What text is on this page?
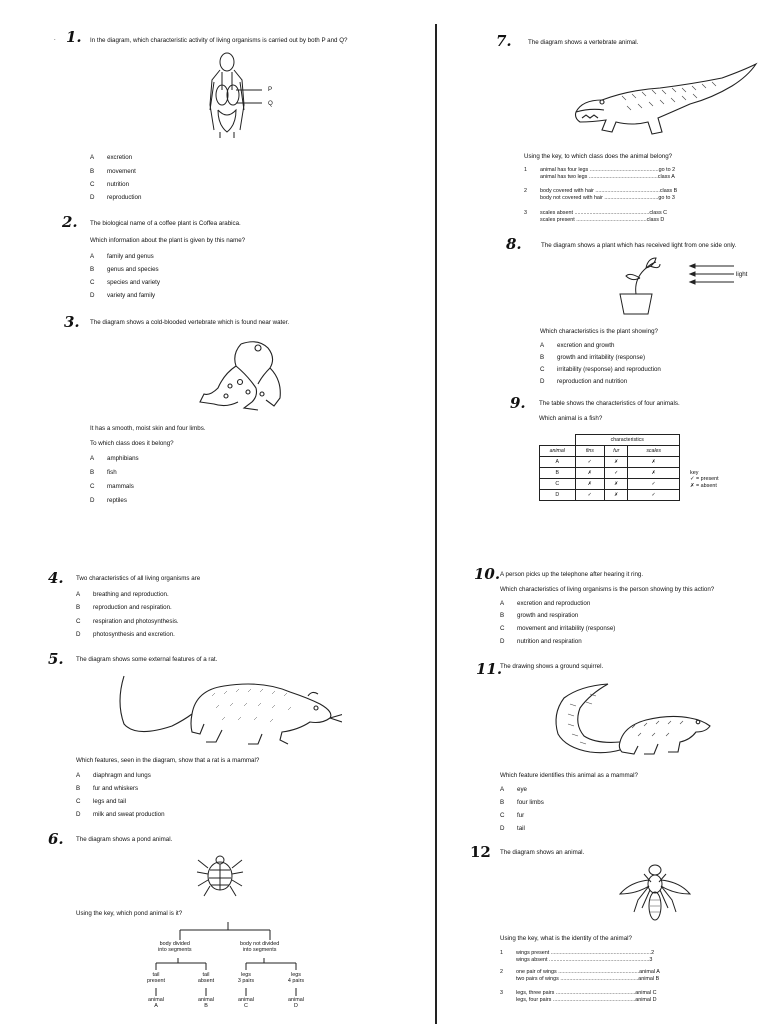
. 1. In the diagram, which characteristic activity of living organisms is carried out by both P and Q?
P
Q
A excretion
B movement
C nutrition
D reproduction
2. The biological name of a coffee plant is Coffea arabica.
Which information about the plant is given by this name?
A family and genus
B genus and species
C species and variety
D variety and family
3. The diagram shows a cold-blooded vertebrate which is found near water.
It has a smooth, moist skin and four limbs.
To which class does it belong?
A amphibians
B fish
C mammals
D reptiles
4. Two characteristics of all living organisms are
A breathing and reproduction.
B reproduction and respiration.
C respiration and photosynthesis.
D photosynthesis and excretion.
5. The diagram shows some external features of a rat.
Which features, seen in the diagram, show that a rat is a mammal?
A diaphragm and lungs
B fur and whiskers
C legs and tail
D milk and sweat production
6. The diagram shows a pond animal.
Using the key, which pond animal is it?
body divided
into segments
body not divided
into segments
tail
present
tail
absent
legs
3 pairs
legs
4 pairs
animal
A
animal
B
animal
C
animal
D
7.	The diagram shows a vertebrate animal.
Using the key, to which class does the animal belong?
1 animal has four legs ..............................................go to 2
animal has two legs ..............................................class A
2 body covered with hair ...........................................class B
body not covered with hair ....................................go to 3
3 scales absent ..................................................class C
scales present ...............................................class D
8.	The diagram shows a plant which has received light from one side only.
light
Which characteristics is the plant showing?
A excretion and growth
B growth and irritability (response)
C irritability (response) and reproduction
D reproduction and nutrition
9. The table shows the characteristics of four animals.
Which animal is a fish?
	characteristics		
animal	fins	fur	scales
A	✓	✗	✗
B	✗	✓	✗
C	✗	✗	✓
D	✓	✗	✓
key
✓ = present
✗ = absent
10. A person picks up the telephone after hearing it ring.
Which characteristics of living organisms is the person showing by this action?
A excretion and reproduction
B growth and respiration
C movement and irritability (response)
D nutrition and respiration
11.
The drawing shows a ground squirrel.
Which feature identifies this animal as a mammal?
A eye
B four limbs
C fur
D tail
12 The diagram shows an animal.
Using the key, what is the identity of the animal?
1 wings present ...................................................................2
wings absent ...................................................................3
2 one pair of wings ......................................................animal A
two pairs of wings ....................................................animal B
3 legs, three pairs .....................................................animal C
legs, four pairs .......................................................animal D
